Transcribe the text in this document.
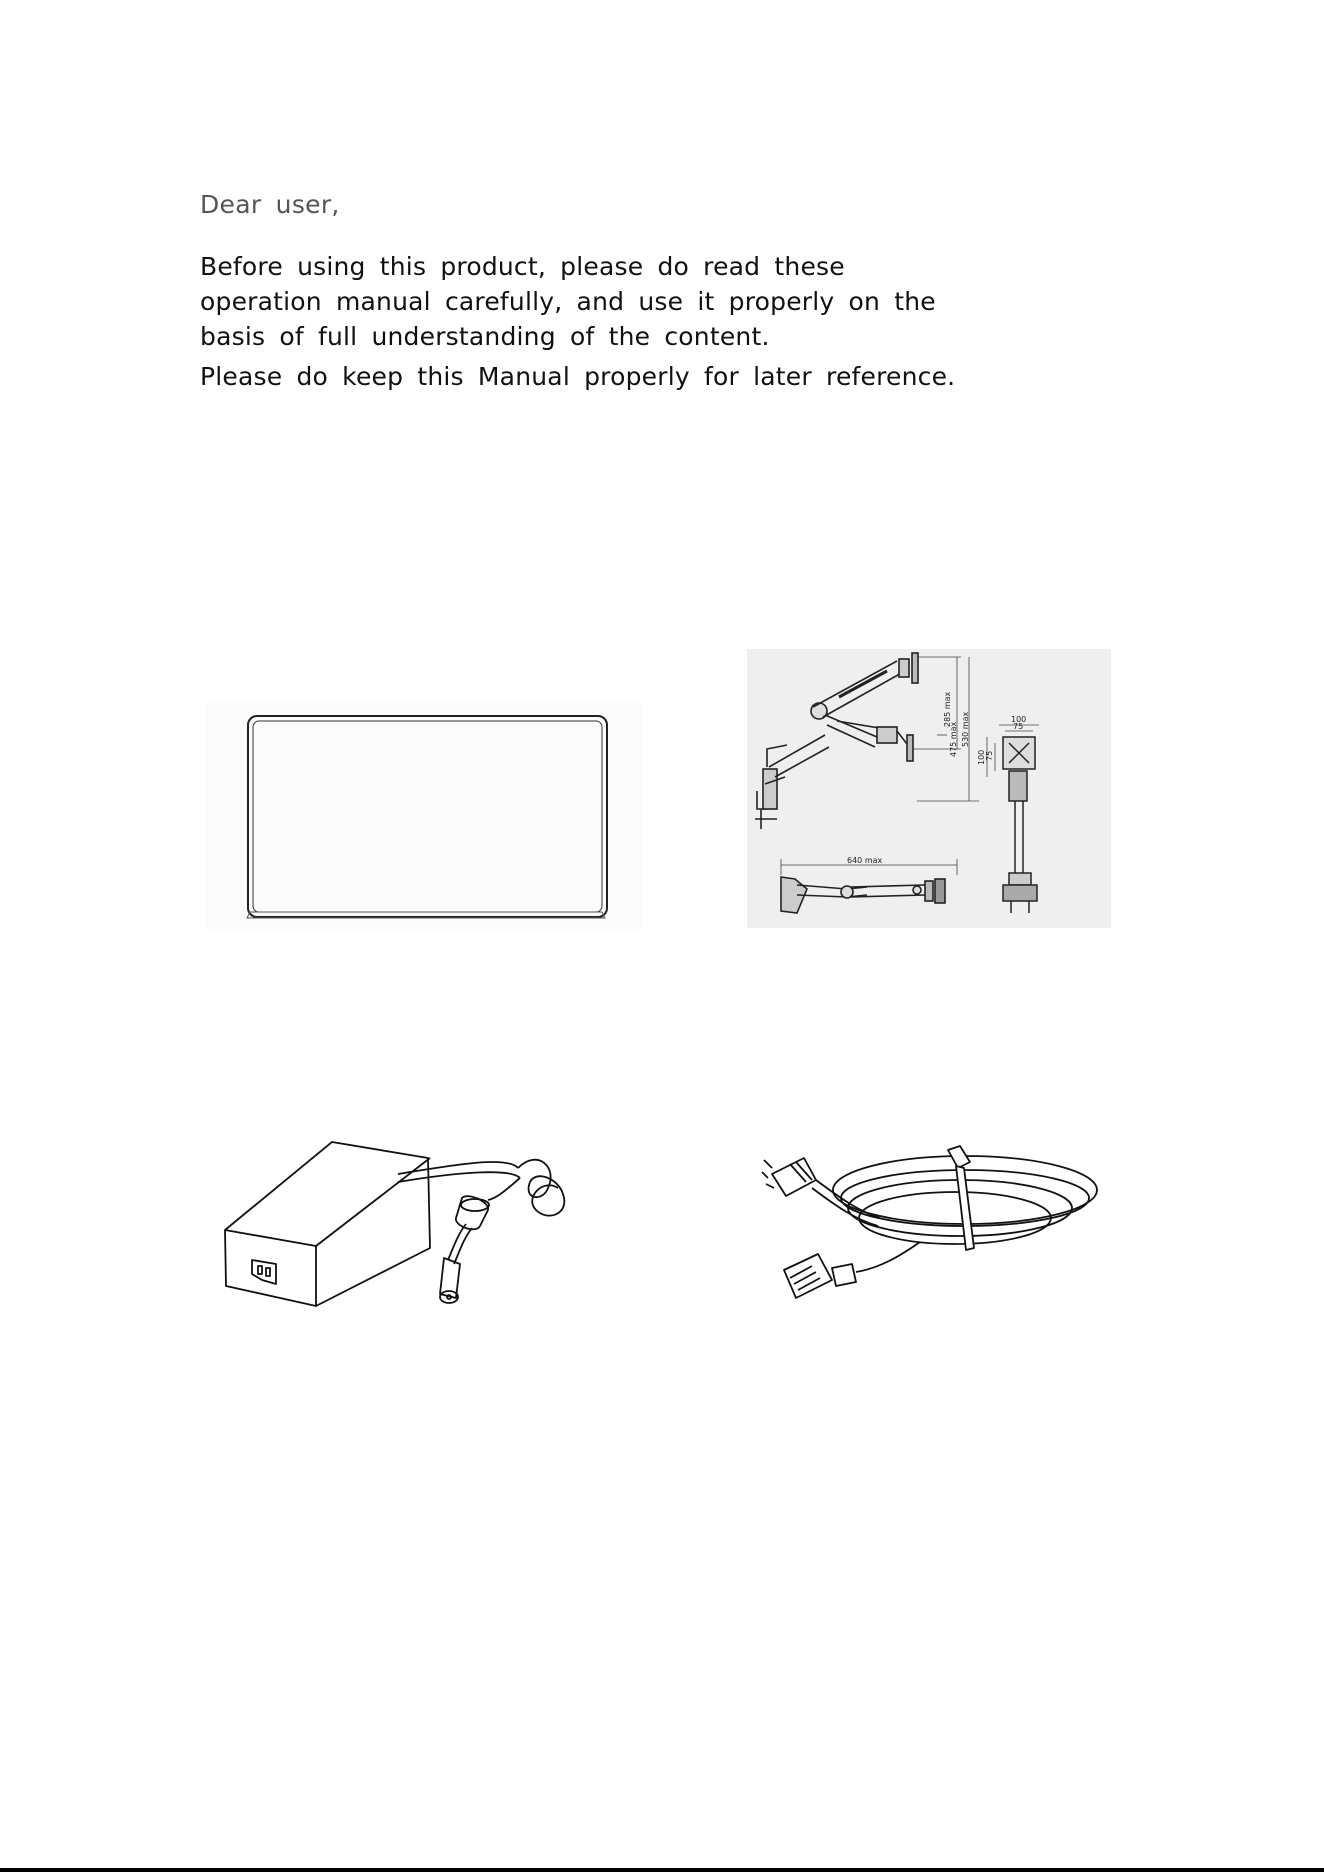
Dear user,

Before using this product, please do read these operation manual carefully, and use it properly on the basis of full understanding of the content.

Please do keep this Manual properly for later reference.

285 max
475 max 530 max
640 max
100
75
100 75
